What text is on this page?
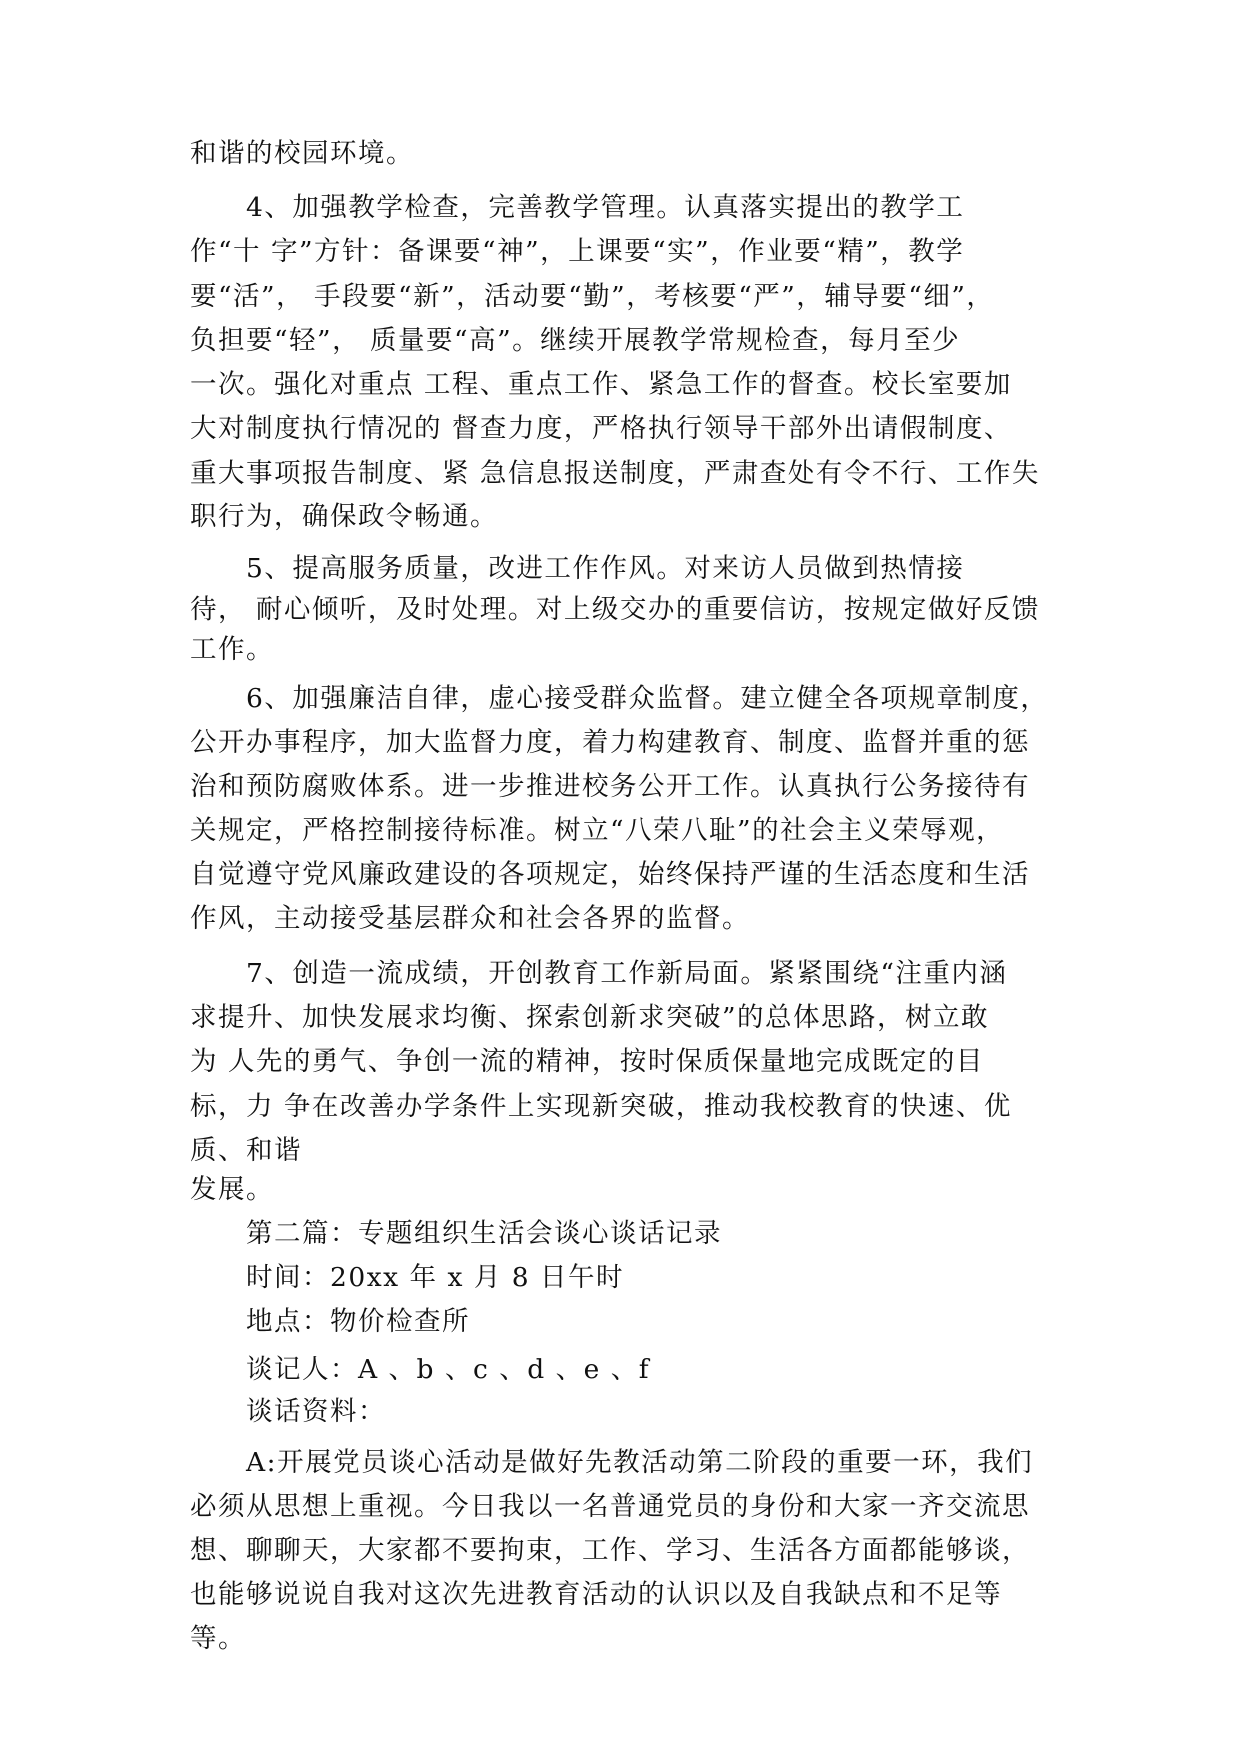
和谐的校园环境。
4、加强教学检查，完善教学管理。认真落实提出的教学工
作“十 字”方针：备课要“神”，上课要“实”，作业要“精”，教学
要“活”， 手段要“新”，活动要“勤”，考核要“严”，辅导要“细”，
负担要“轻”， 质量要“高”。继续开展教学常规检查，每月至少
一次。强化对重点 工程、重点工作、紧急工作的督查。校长室要加
大对制度执行情况的 督查力度，严格执行领导干部外出请假制度、
重大事项报告制度、紧 急信息报送制度，严肃查处有令不行、工作失
职行为，确保政令畅通。
5、提高服务质量，改进工作作风。对来访人员做到热情接
待， 耐心倾听，及时处理。对上级交办的重要信访，按规定做好反馈
工作。
6、加强廉洁自律，虚心接受群众监督。建立健全各项规章制度，
公开办事程序，加大监督力度，着力构建教育、制度、监督并重的惩
治和预防腐败体系。进一步推进校务公开工作。认真执行公务接待有
关规定，严格控制接待标准。树立“八荣八耻”的社会主义荣辱观，
自觉遵守党风廉政建设的各项规定，始终保持严谨的生活态度和生活
作风，主动接受基层群众和社会各界的监督。
7、创造一流成绩，开创教育工作新局面。紧紧围绕“注重内涵
求提升、加快发展求均衡、探索创新求突破”的总体思路，树立敢
为 人先的勇气、争创一流的精神，按时保质保量地完成既定的目
标，力 争在改善办学条件上实现新突破，推动我校教育的快速、优
质、和谐
发展。
第二篇：专题组织生活会谈心谈话记录
时间：20xx 年 x 月 8 日午时
地点：物价检查所
谈记人：A 、b 、c 、d 、e 、f
谈话资料：
A:开展党员谈心活动是做好先教活动第二阶段的重要一环，我们
必须从思想上重视。今日我以一名普通党员的身份和大家一齐交流思
想、聊聊天，大家都不要拘束，工作、学习、生活各方面都能够谈，
也能够说说自我对这次先进教育活动的认识以及自我缺点和不足等
等。
